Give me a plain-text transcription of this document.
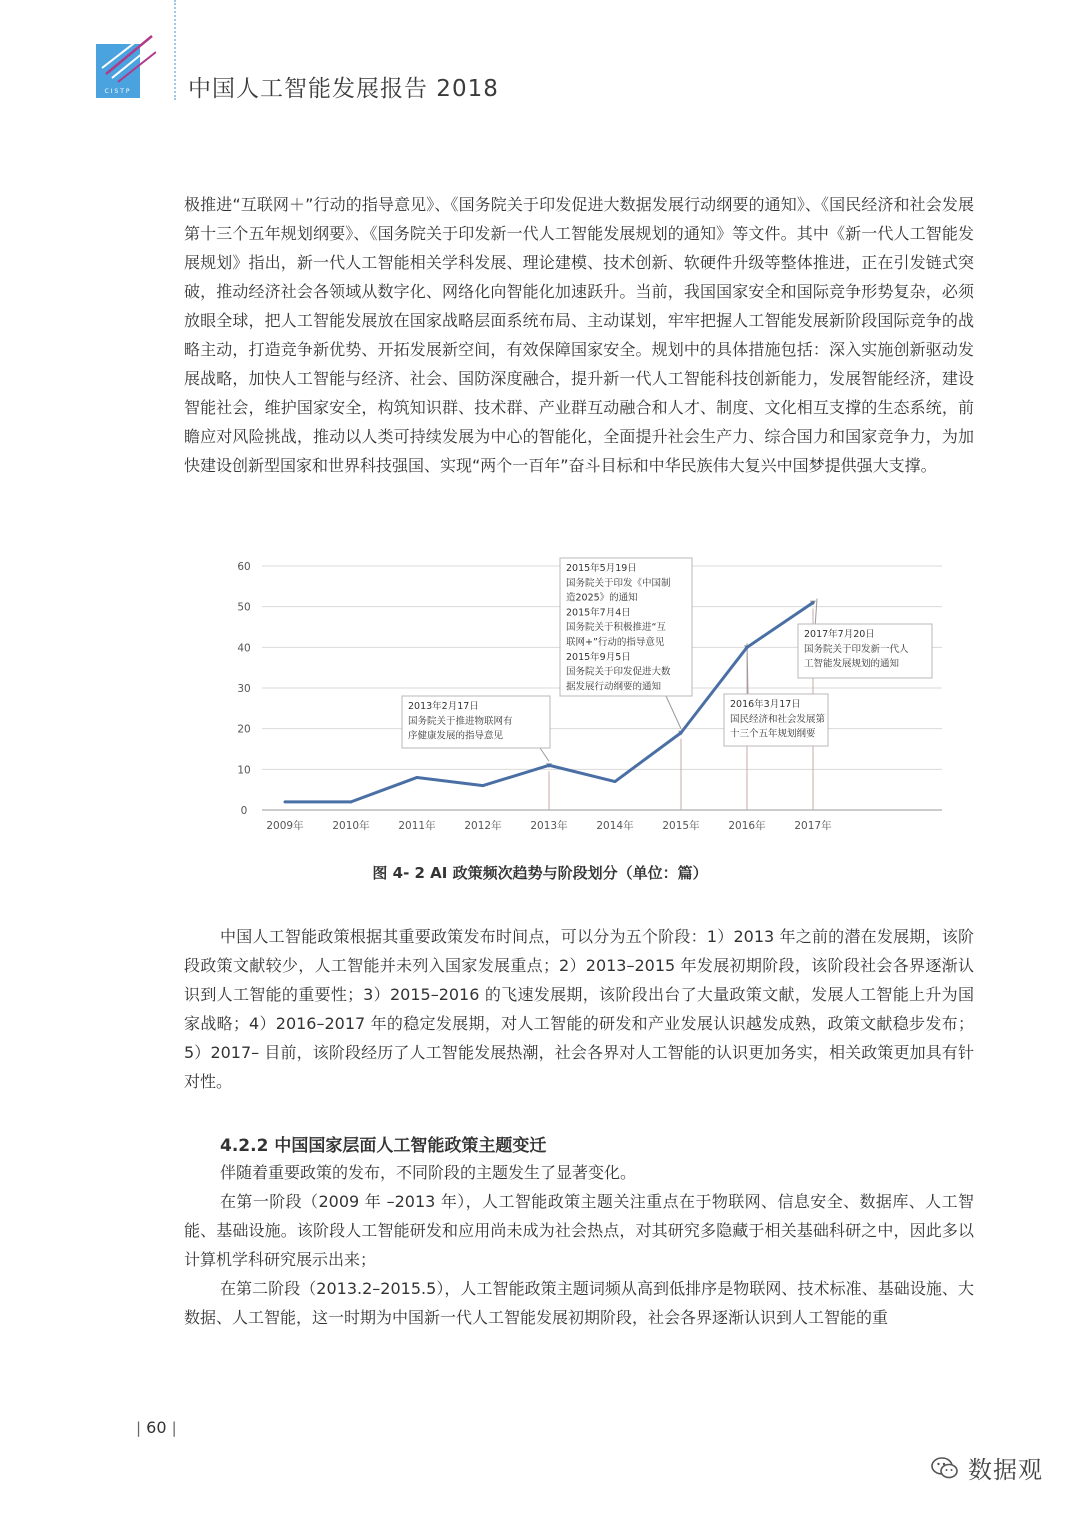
CISTP	中国人工智能发展报告 2018

极推进“互联网＋”行动的指导意见》、《国务院关于印发促进大数据发展行动纲要的通知》、《国民经济和社会发展第十三个五年规划纲要》、《国务院关于印发新一代人工智能发展规划的通知》等文件。其中《新一代人工智能发展规划》指出，新一代人工智能相关学科发展、理论建模、技术创新、软硬件升级等整体推进，正在引发链式突破，推动经济社会各领域从数字化、网络化向智能化加速跃升。当前，我国国家安全和国际竞争形势复杂，必须放眼全球，把人工智能发展放在国家战略层面系统布局、主动谋划，牢牢把握人工智能发展新阶段国际竞争的战略主动，打造竞争新优势、开拓发展新空间，有效保障国家安全。规划中的具体措施包括：深入实施创新驱动发展战略，加快人工智能与经济、社会、国防深度融合，提升新一代人工智能科技创新能力，发展智能经济，建设智能社会，维护国家安全，构筑知识群、技术群、产业群互动融合和人才、制度、文化相互支撑的生态系统，前瞻应对风险挑战，推动以人类可持续发展为中心的智能化，全面提升社会生产力、综合国力和国家竞争力，为加快建设创新型国家和世界科技强国、实现“两个一百年”奋斗目标和中华民族伟大复兴中国梦提供强大支撑。

0
10
20
30
40
50
60
2009年	2010年	2011年	2012年	2013年	2014年	2015年	2016年	2017年
2013年2月17日
国务院关于推进物联网有
序健康发展的指导意见
2015年5月19日
国务院关于印发《中国制
造2025》的通知
2015年7月4日
国务院关于积极推进“互
联网+”行动的指导意见
2015年9月5日
国务院关于印发促进大数
据发展行动纲要的通知
2016年3月17日
国民经济和社会发展第
十三个五年规划纲要
2017年7月20日
国务院关于印发新一代人
工智能发展规划的通知
图 4- 2 AI 政策频次趋势与阶段划分（单位：篇）

中国人工智能政策根据其重要政策发布时间点，可以分为五个阶段：1）2013 年之前的潜在发展期，该阶段政策文献较少，人工智能并未列入国家发展重点；2）2013–2015 年发展初期阶段，该阶段社会各界逐渐认识到人工智能的重要性；3）2015–2016 的飞速发展期，该阶段出台了大量政策文献，发展人工智能上升为国家战略；4）2016–2017 年的稳定发展期，对人工智能的研发和产业发展认识越发成熟，政策文献稳步发布；5）2017– 目前，该阶段经历了人工智能发展热潮，社会各界对人工智能的认识更加务实，相关政策更加具有针对性。

4.2.2 中国国家层面人工智能政策主题变迁
伴随着重要政策的发布，不同阶段的主题发生了显著变化。
在第一阶段（2009 年 –2013 年），人工智能政策主题关注重点在于物联网、信息安全、数据库、人工智能、基础设施。该阶段人工智能研发和应用尚未成为社会热点，对其研究多隐藏于相关基础科研之中，因此多以计算机学科研究展示出来；
在第二阶段（2013.2–2015.5），人工智能政策主题词频从高到低排序是物联网、技术标准、基础设施、大数据、人工智能，这一时期为中国新一代人工智能发展初期阶段，社会各界逐渐认识到人工智能的重
| 60 |
数据观
